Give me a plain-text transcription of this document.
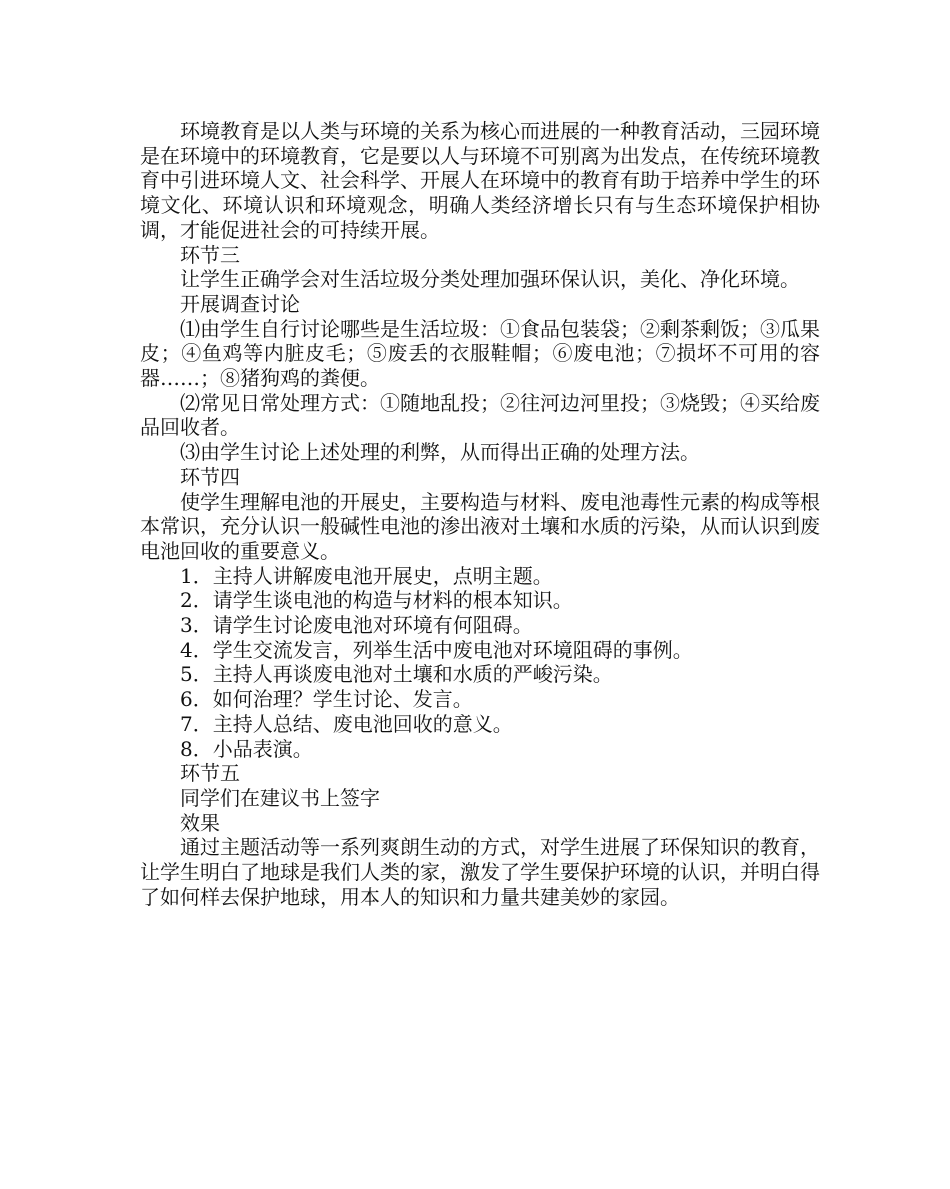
环境教育是以人类与环境的关系为核心而进展的一种教育活动，三园环境是在环境中的环境教育，它是要以人与环境不可别离为出发点，在传统环境教育中引进环境人文、社会科学、开展人在环境中的教育有助于培养中学生的环境文化、环境认识和环境观念，明确人类经济增长只有与生态环境保护相协调，才能促进社会的可持续开展。

环节三

让学生正确学会对生活垃圾分类处理加强环保认识，美化、净化环境。

开展调查讨论

⑴由学生自行讨论哪些是生活垃圾：①食品包装袋；②剩茶剩饭；③瓜果皮；④鱼鸡等内脏皮毛；⑤废丢的衣服鞋帽；⑥废电池；⑦损坏不可用的容器……；⑧猪狗鸡的粪便。

⑵常见日常处理方式：①随地乱投；②往河边河里投；③烧毁；④买给废品回收者。

⑶由学生讨论上述处理的利弊，从而得出正确的处理方法。

环节四

使学生理解电池的开展史，主要构造与材料、废电池毒性元素的构成等根本常识，充分认识一般碱性电池的渗出液对土壤和水质的污染，从而认识到废电池回收的重要意义。

1．主持人讲解废电池开展史，点明主题。

2．请学生谈电池的构造与材料的根本知识。

3．请学生讨论废电池对环境有何阻碍。

4．学生交流发言，列举生活中废电池对环境阻碍的事例。

5．主持人再谈废电池对土壤和水质的严峻污染。

6．如何治理？学生讨论、发言。

7．主持人总结、废电池回收的意义。

8．小品表演。

环节五

同学们在建议书上签字

效果

通过主题活动等一系列爽朗生动的方式，对学生进展了环保知识的教育，让学生明白了地球是我们人类的家，激发了学生要保护环境的认识，并明白得了如何样去保护地球，用本人的知识和力量共建美妙的家园。
